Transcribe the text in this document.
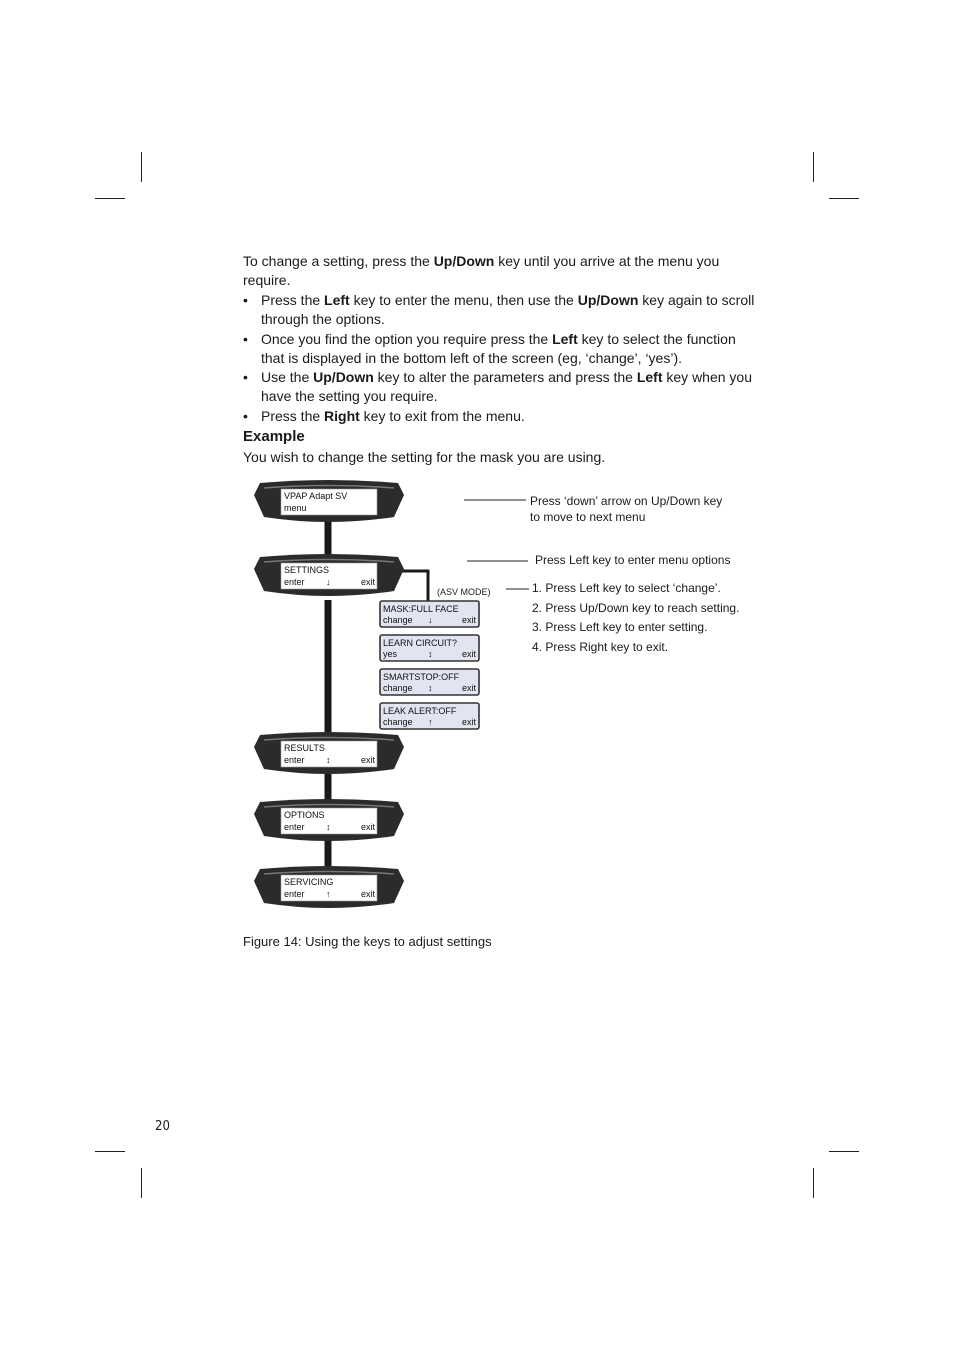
To change a setting, press the Up/Down key until you arrive at the menu you require.
• Press the Left key to enter the menu, then use the Up/Down key again to scroll through the options.
• Once you find the option you require press the Left key to select the function that is displayed in the bottom left of the screen (eg, ‘change’, ‘yes’).
• Use the Up/Down key to alter the parameters and press the Left key when you have the setting you require.
• Press the Right key to exit from the menu.
Example
You wish to change the setting for the mask you are using.
VPAP Adapt SV
menu
SETTINGS
enter ↓	exit
RESULTS
enter ↕	exit
OPTIONS
enter ↕	exit
SERVICING
enter ↑	exit
MASK:FULL FACE
change ↓	exit
LEARN CIRCUIT?
yes	↕	exit
SMARTSTOP:OFF
change ↕	exit
LEAK ALERT:OFF
change ↑	exit
(ASV MODE)
Press ‘down’ arrow on Up/Down key
to move to next menu
Press Left key to enter menu options
1. Press Left key to select ‘change’.
2. Press Up/Down key to reach setting.
3. Press Left key to enter setting.
4. Press Right key to exit.
Figure 14: Using the keys to adjust settings
20
